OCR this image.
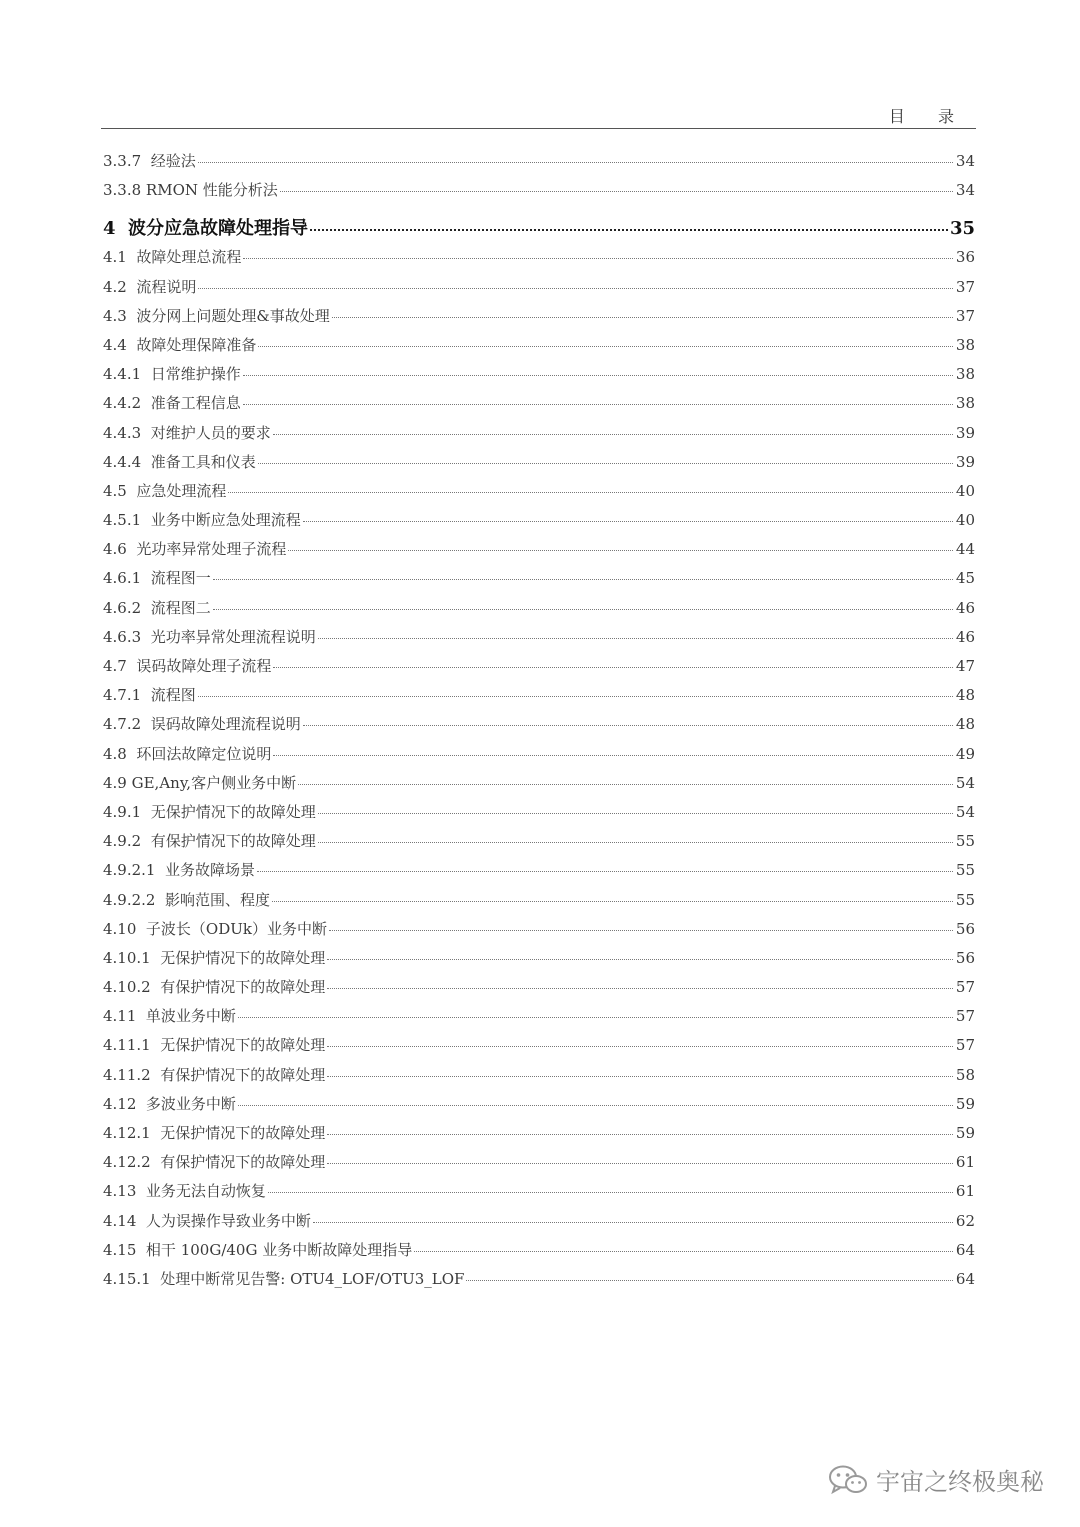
目 录
3.3.7  经验法	34
3.3.8 RMON 性能分析法	34
4  波分应急故障处理指导	35
4.1  故障处理总流程	36
4.2  流程说明	37
4.3  波分网上问题处理&事故处理	37
4.4  故障处理保障准备	38
4.4.1  日常维护操作	38
4.4.2  准备工程信息	38
4.4.3  对维护人员的要求	39
4.4.4  准备工具和仪表	39
4.5  应急处理流程	40
4.5.1  业务中断应急处理流程	40
4.6  光功率异常处理子流程	44
4.6.1  流程图一	45
4.6.2  流程图二	46
4.6.3  光功率异常处理流程说明	46
4.7  误码故障处理子流程	47
4.7.1  流程图	48
4.7.2  误码故障处理流程说明	48
4.8  环回法故障定位说明	49
4.9 GE,Any,客户侧业务中断	54
4.9.1  无保护情况下的故障处理	54
4.9.2  有保护情况下的故障处理	55
4.9.2.1  业务故障场景	55
4.9.2.2  影响范围、程度	55
4.10  子波长（ODUk）业务中断	56
4.10.1  无保护情况下的故障处理	56
4.10.2  有保护情况下的故障处理	57
4.11  单波业务中断	57
4.11.1  无保护情况下的故障处理	57
4.11.2  有保护情况下的故障处理	58
4.12  多波业务中断	59
4.12.1  无保护情况下的故障处理	59
4.12.2  有保护情况下的故障处理	61
4.13  业务无法自动恢复	61
4.14  人为误操作导致业务中断	62
4.15  相干 100G/40G 业务中断故障处理指导	64
4.15.1  处理中断常见告警: OTU4_LOF/OTU3_LOF	64
宇宙之终极奥秘
